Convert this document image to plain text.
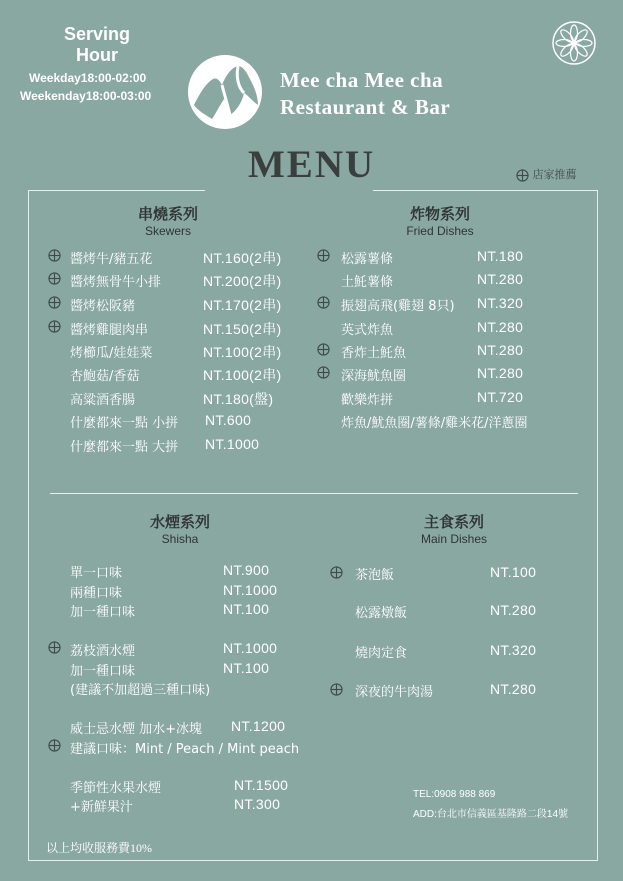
Serving
Hour
Weekday18:00-02:00
Weekenday18:00-03:00
Mee cha Mee cha
Restaurant & Bar
MENU	店家推薦
串燒系列
Skewers
炸物系列
Fried Dishes
水煙系列
Shisha
主食系列
Main Dishes
醬烤牛/豬五花	NT.160(2串)
醬烤無骨牛小排	NT.200(2串)
醬烤松阪豬	NT.170(2串)
醬烤雞腿肉串	NT.150(2串)
烤櫛瓜/娃娃菜	NT.100(2串)
杏鮑菇/香菇	NT.100(2串)
高粱酒香腸	NT.180(盤)
什麼都來一點 小拼 NT.600
什麼都來一點 大拼 NT.1000
松露薯條	NT.180
土魠薯條	NT.280
振翅高飛(雞翅 8只) NT.320
英式炸魚	NT.280
香炸土魠魚	NT.280
深海魷魚圈	NT.280
歡樂炸拼	NT.720
炸魚/魷魚圈/薯條/雞米花/洋蔥圈
單一口味	NT.900
兩種口味	NT.1000
加一種口味	NT.100
荔枝酒水煙	NT.1000
加一種口味	NT.100
(建議不加超過三種口味)
威士忌水煙 加水+冰塊 NT.1200
建議口味：Mint / Peach / Mint peach
季節性水果水煙	NT.1500
+新鮮果汁	NT.300
茶泡飯	NT.100
松露燉飯	NT.280
燒肉定食	NT.320
深夜的牛肉湯	NT.280
TEL:0908 988 869
ADD:台北市信義區基隆路二段14號
以上均收服務費10%
